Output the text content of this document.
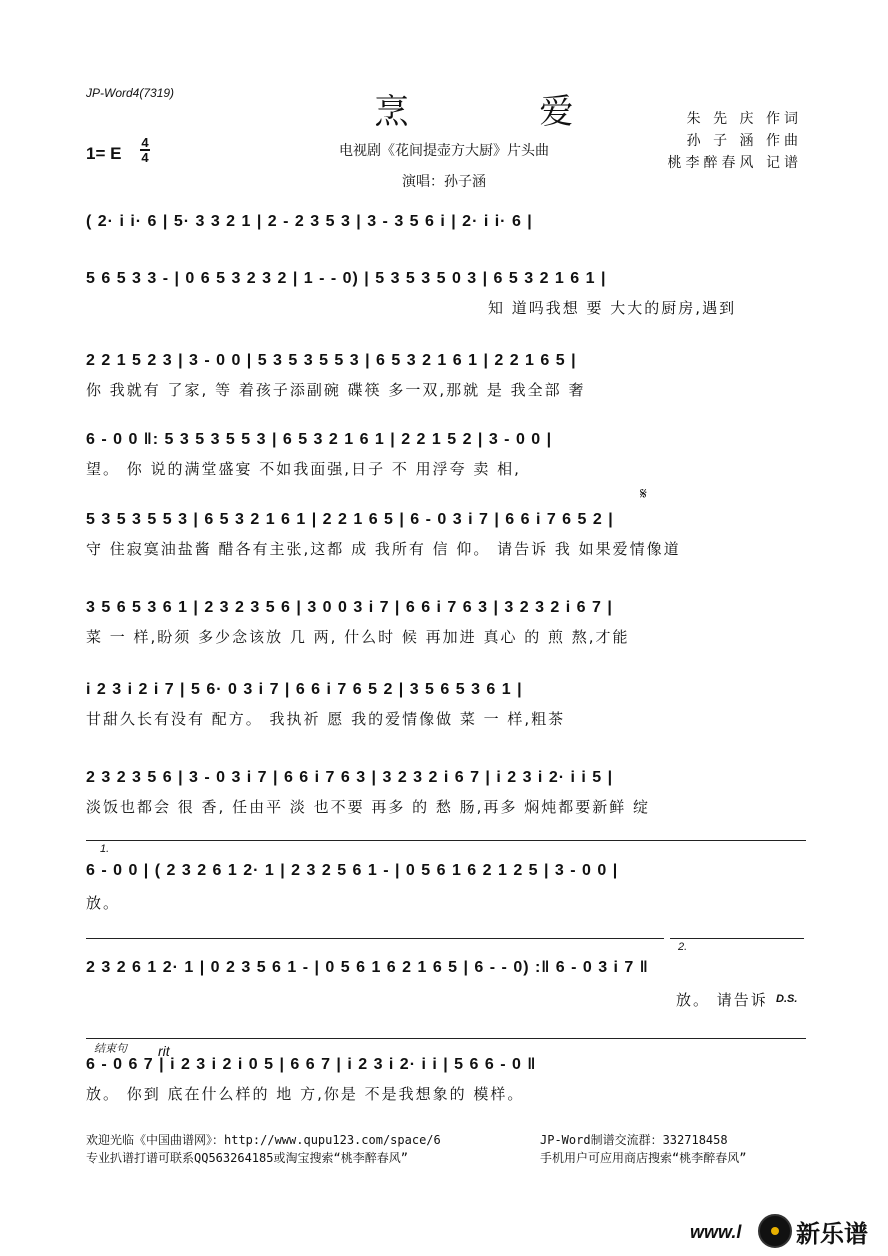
JP-Word4(7319)	烹 爱
1= E
4
4	电视剧《花间提壶方大厨》片头曲
演唱：孙子涵
朱 先 庆 作词
孙 子 涵 作曲
桃李醉春风 记谱
( 2· i i· 6 | 5· 3 3 2 1 | 2 - 2 3 5 3 | 3 - 3 5 6 i | 2· i i· 6 |
5 6 5 3 3 - | 0 6 5 3 2 3 2 | 1 - - 0) | 5 3 5 3 5 0 3 | 6 5 3 2 1 6 1 |
知 道吗我想 要 大大的厨房,遇到
2 2 1 5 2 3 | 3 - 0 0 | 5 3 5 3 5 5 3 | 6 5 3 2 1 6 1 | 2 2 1 6 5 |
你 我就有 了家, 等 着孩子添副碗 碟筷 多一双,那就 是 我全部 奢
6 - 0 0 ‖: 5 3 5 3 5 5 3 | 6 5 3 2 1 6 1 | 2 2 1 5 2 | 3 - 0 0 |
望。 你 说的满堂盛宴 不如我面强,日子 不 用浮夸 卖 相,
𝄋
5 3 5 3 5 5 3 | 6 5 3 2 1 6 1 | 2 2 1 6 5 | 6 - 0 3 i 7 | 6 6 i 7 6 5 2 |
守 住寂寞油盐酱 醋各有主张,这都 成 我所有 信 仰。 请告诉 我 如果爱情像道
3 5 6 5 3 6 1 | 2 3 2 3 5 6 | 3 0 0 3 i 7 | 6 6 i 7 6 3 | 3 2 3 2 i 6 7 |
菜 一 样,盼须 多少念该放 几 两, 什么时 候 再加进 真心 的 煎 熬,才能
i 2 3 i 2 i 7 | 5 6· 0 3 i 7 | 6 6 i 7 6 5 2 | 3 5 6 5 3 6 1 |
甘甜久长有没有 配方。 我执祈 愿 我的爱情像做 菜 一 样,粗茶
2 3 2 3 5 6 | 3 - 0 3 i 7 | 6 6 i 7 6 3 | 3 2 3 2 i 6 7 | i 2 3 i 2· i i 5 |
淡饭也都会 很 香, 任由平 淡 也不要 再多 的 愁 肠,再多 焖炖都要新鲜 绽
1.
6 - 0 0 | ( 2 3 2 6 1 2· 1 | 2 3 2 5 6 1 - | 0 5 6 1 6 2 1 2 5 | 3 - 0 0 |
放。
2.
2 3 2 6 1 2· 1 | 0 2 3 5 6 1 - | 0 5 6 1 6 2 1 6 5 | 6 - - 0) :‖ 6 - 0 3 i 7 ‖
放。 请告诉 D.S.
结束句 rit
6 - 0 6 7 | i 2 3 i 2 i 0 5 | 6 6 7 | i 2 3 i 2· i i | 5 6 6 - 0 ‖
放。 你到 底在什么样的 地 方,你是 不是我想象的 模样。
欢迎光临《中国曲谱网》：http://www.qupu123.com/space/6
专业扒谱打谱可联系QQ563264185或淘宝搜索“桃李醉春风”
JP-Word制谱交流群：332718458
手机用户可应用商店搜索“桃李醉春风”
www.l 新乐谱
